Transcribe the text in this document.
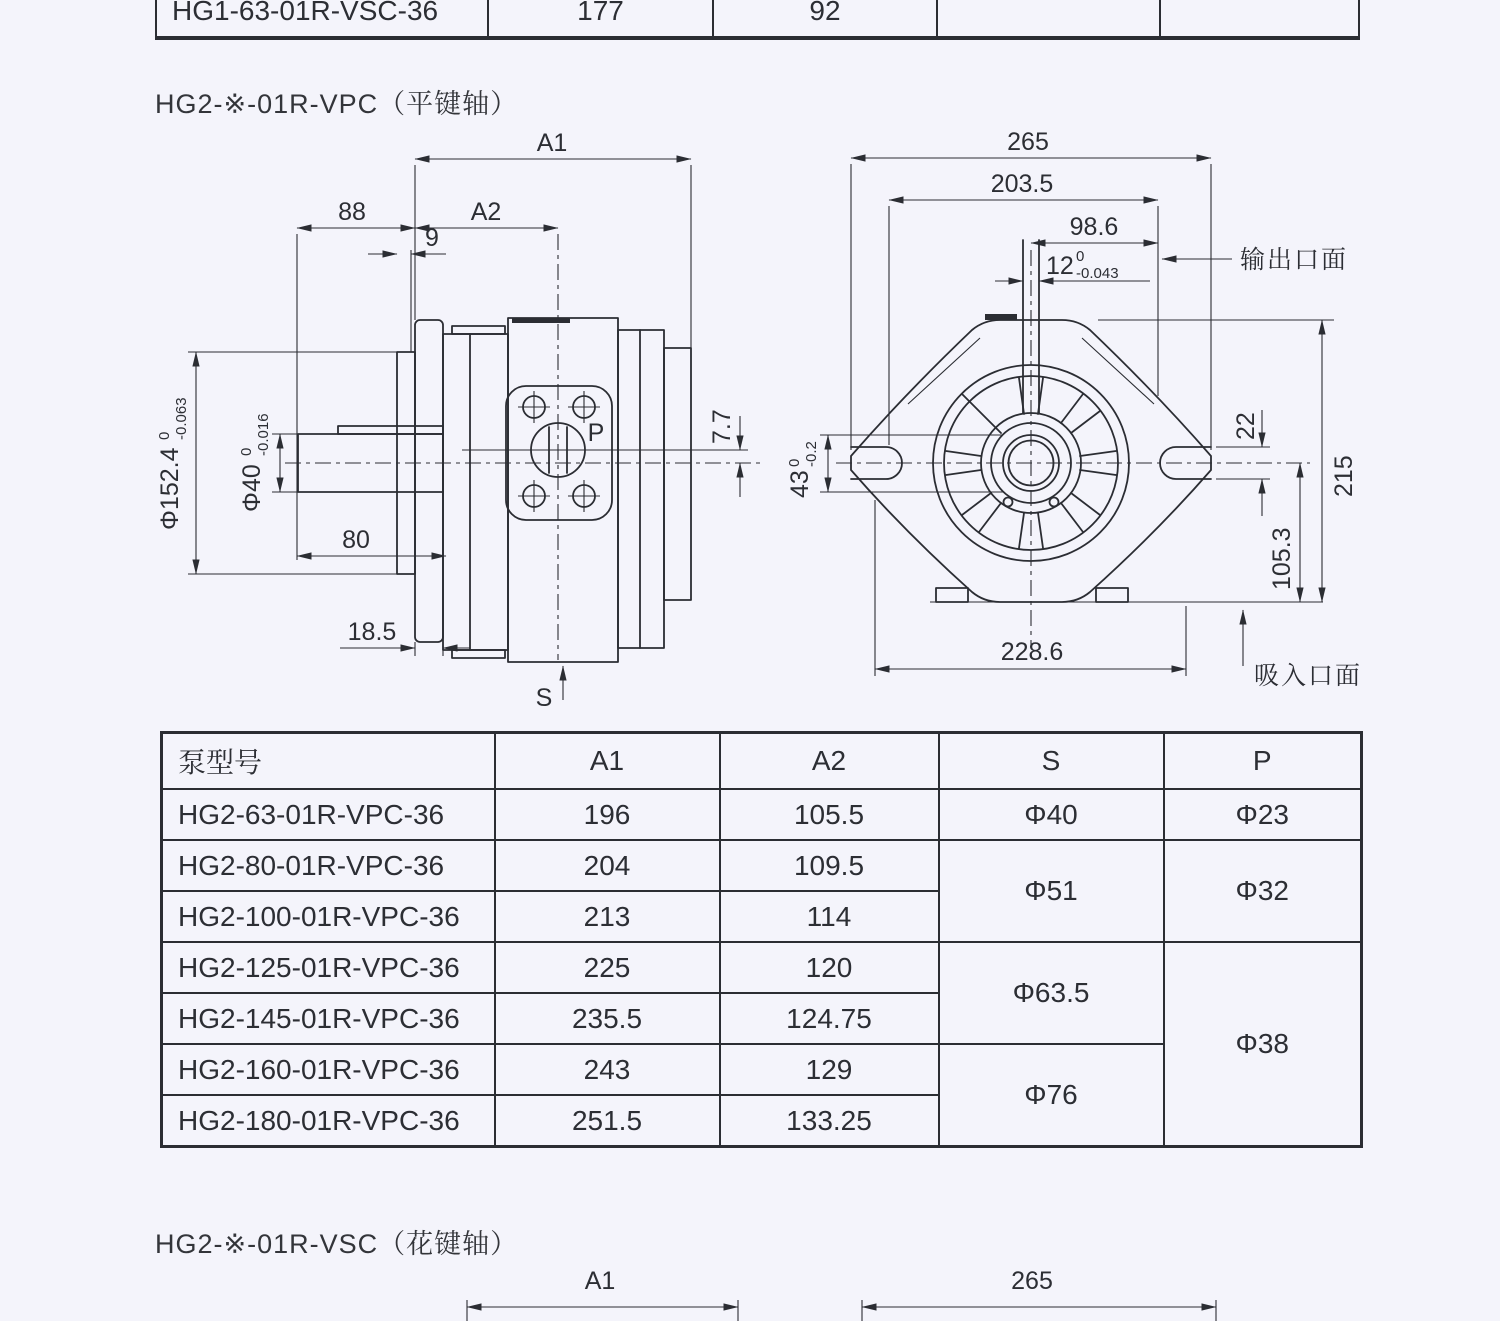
HG1-63-01R-VSC-36	177	92		
HG2-※-01R-VPC（平键轴）
A1
88	A2
9
Φ152.4
0 -0.063
Φ40
0 -0.016
80
18.5
7.7
P
S
265
203.5
98.6
12 0
-0.043	输出口面
22
215
105.3
43
0 -0.2
228.6
吸入口面
泵型号	A1	A2	S	P
HG2-63-01R-VPC-36	196	105.5	Φ40	Φ23
HG2-80-01R-VPC-36	204	109.5	Φ51	Φ32
HG2-100-01R-VPC-36	213	114		
HG2-125-01R-VPC-36	225	120	Φ63.5	Φ38
HG2-145-01R-VPC-36	235.5	124.75		
HG2-160-01R-VPC-36	243	129	Φ76	
HG2-180-01R-VPC-36	251.5	133.25		
HG2-※-01R-VSC（花键轴）
A1	265
